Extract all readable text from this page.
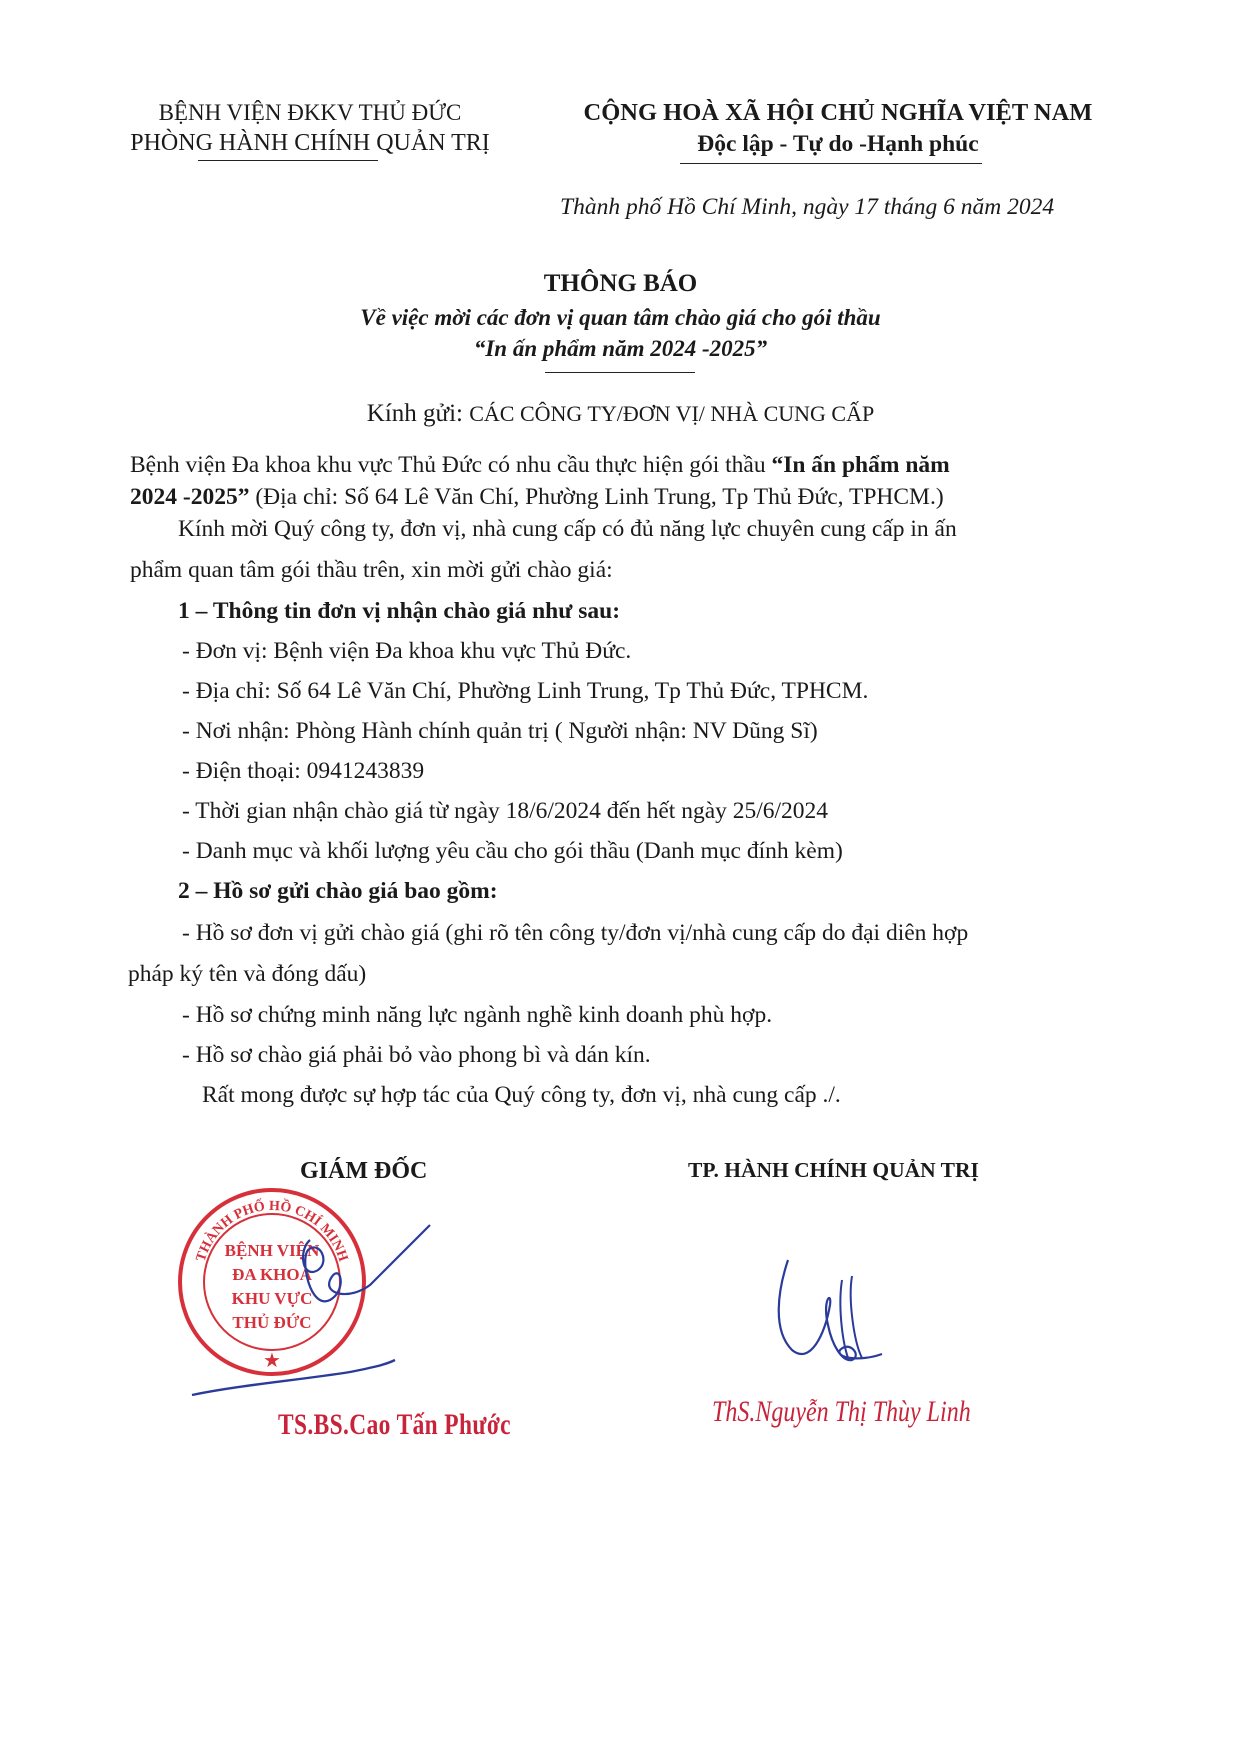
BỆNH VIỆN ĐKKV THỦ ĐỨC
PHÒNG HÀNH CHÍNH QUẢN TRỊ
CỘNG HOÀ XÃ HỘI CHỦ NGHĨA VIỆT NAM
Độc lập - Tự do -Hạnh phúc
Thành phố Hồ Chí Minh, ngày 17 tháng 6 năm 2024
THÔNG BÁO
Về việc mời các đơn vị quan tâm chào giá cho gói thầu
“In ấn phẩm năm 2024 -2025”
Kính gửi: CÁC CÔNG TY/ĐƠN VỊ/ NHÀ CUNG CẤP
Bệnh viện Đa khoa khu vực Thủ Đức có nhu cầu thực hiện gói thầu “In ấn phẩm năm
2024 -2025” (Địa chỉ: Số 64 Lê Văn Chí, Phường Linh Trung, Tp Thủ Đức, TPHCM.)
Kính mời Quý công ty, đơn vị, nhà cung cấp có đủ năng lực chuyên cung cấp in ấn
phẩm quan tâm gói thầu trên, xin mời gửi chào giá:
1 – Thông tin đơn vị nhận chào giá như sau:
- Đơn vị: Bệnh viện Đa khoa khu vực Thủ Đức.
- Địa chỉ: Số 64 Lê Văn Chí, Phường Linh Trung, Tp Thủ Đức, TPHCM.
- Nơi nhận: Phòng Hành chính quản trị ( Người nhận: NV Dũng Sĩ)
- Điện thoại: 0941243839
- Thời gian nhận chào giá từ ngày 18/6/2024 đến hết ngày 25/6/2024
- Danh mục và khối lượng yêu cầu cho gói thầu (Danh mục đính kèm)
2 – Hồ sơ gửi chào giá bao gồm:
- Hồ sơ đơn vị gửi chào giá (ghi rõ tên công ty/đơn vị/nhà cung cấp do đại diên hợp
pháp ký tên và đóng dấu)
- Hồ sơ chứng minh năng lực ngành nghề kinh doanh phù hợp.
- Hồ sơ chào giá phải bỏ vào phong bì và dán kín.
Rất mong được sự hợp tác của Quý công ty, đơn vị, nhà cung cấp ./.
GIÁM ĐỐC	TP. HÀNH CHÍNH QUẢN TRỊ
THÀNH PHỐ HỒ CHÍ MINH
★
BỆNH VIỆN
ĐA KHOA
KHU VỰC
THỦ ĐỨC
TS.BS.Cao Tấn Phước	ThS.Nguyễn Thị Thùy Linh
